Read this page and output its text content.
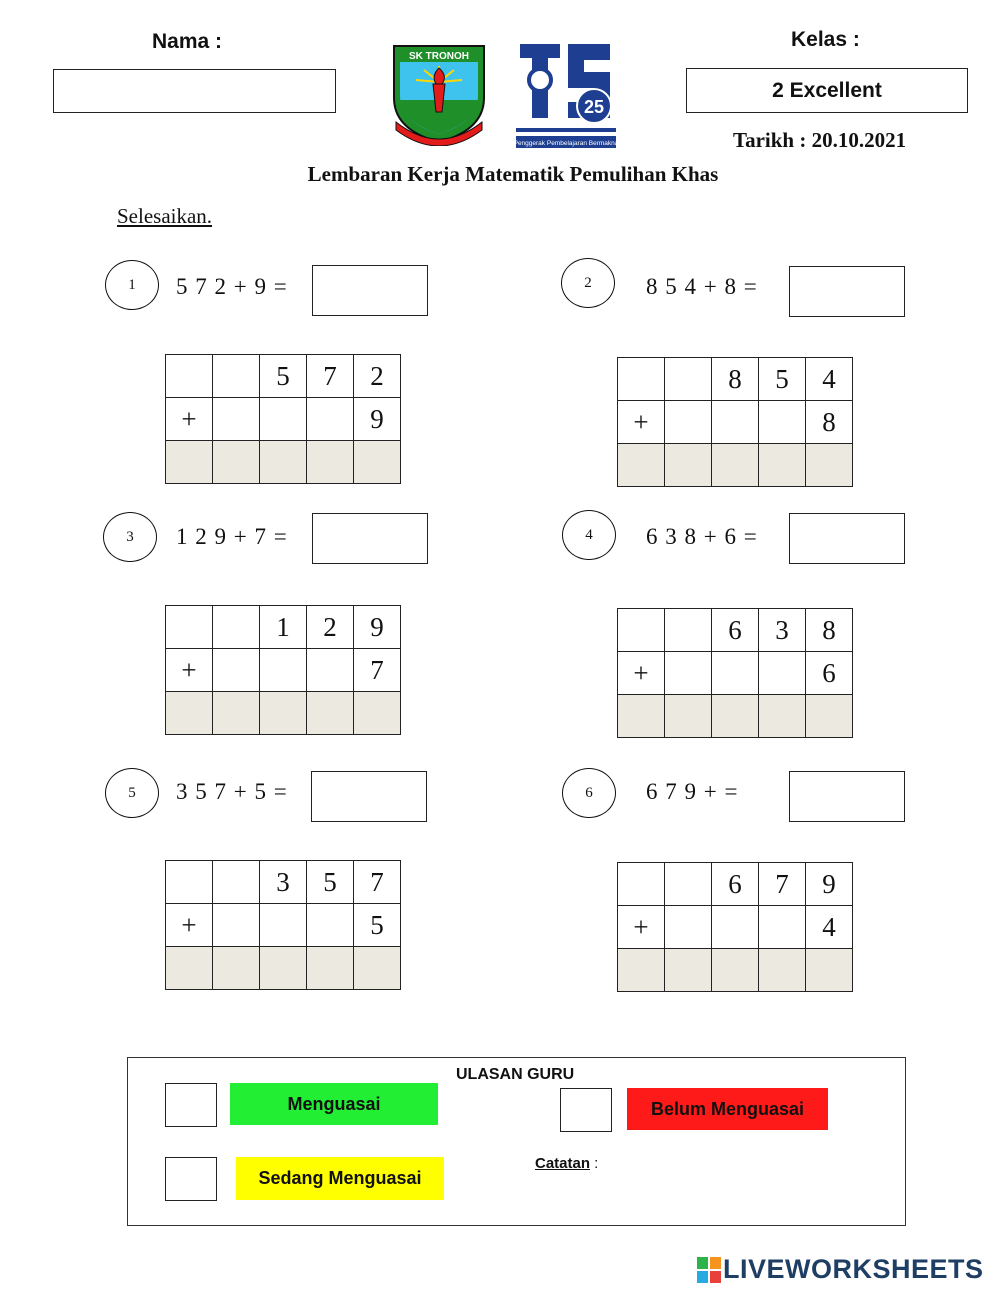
Nama :
SK TRONOH
25
Penggerak Pembelajaran Bermakna
Kelas :
2 Excellent
Tarikh : 20.10.2021
Lembaran Kerja Matematik Pemulihan Khas
Selesaikan.
1 5 7 2 + 9 =
		5	7	2
+				9

2 8 5 4 + 8 =
		8	5	4
+				8

3 1 2 9 + 7 =
		1	2	9
+				7

4 6 3 8 + 6 =
		6	3	8
+				6

5 3 5 7 + 5 =
		3	5	7
+				5

6 6 7 9 + =
		6	7	9
+				4

ULASAN GURU
Menguasai	Belum Menguasai
Sedang Menguasai
Catatan :
LIVEWORKSHEETS
